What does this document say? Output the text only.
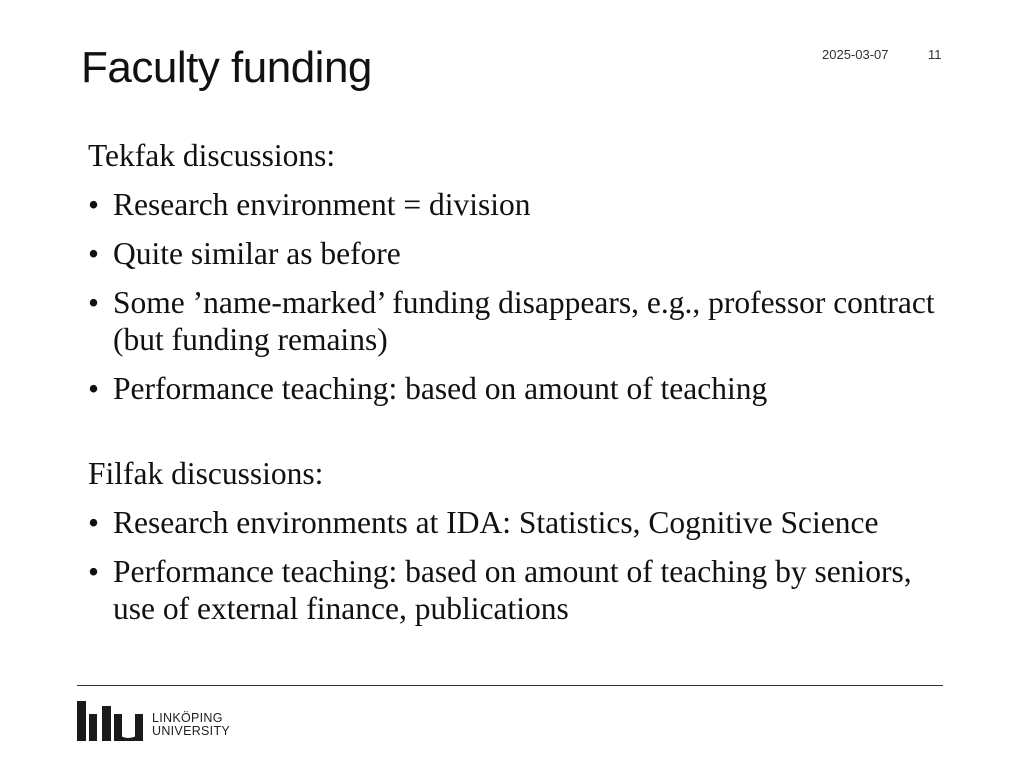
Faculty funding	2025-03-07	11
Tekfak discussions:
• Research environment = division
• Quite similar as before
• Some ’name-marked’ funding disappears, e.g., professor contract (but funding remains)
• Performance teaching: based on amount of teaching
Filfak discussions:
• Research environments at IDA: Statistics, Cognitive Science
• Performance teaching: based on amount of teaching by seniors, use of external finance, publications
LINKÖPING
UNIVERSITY
